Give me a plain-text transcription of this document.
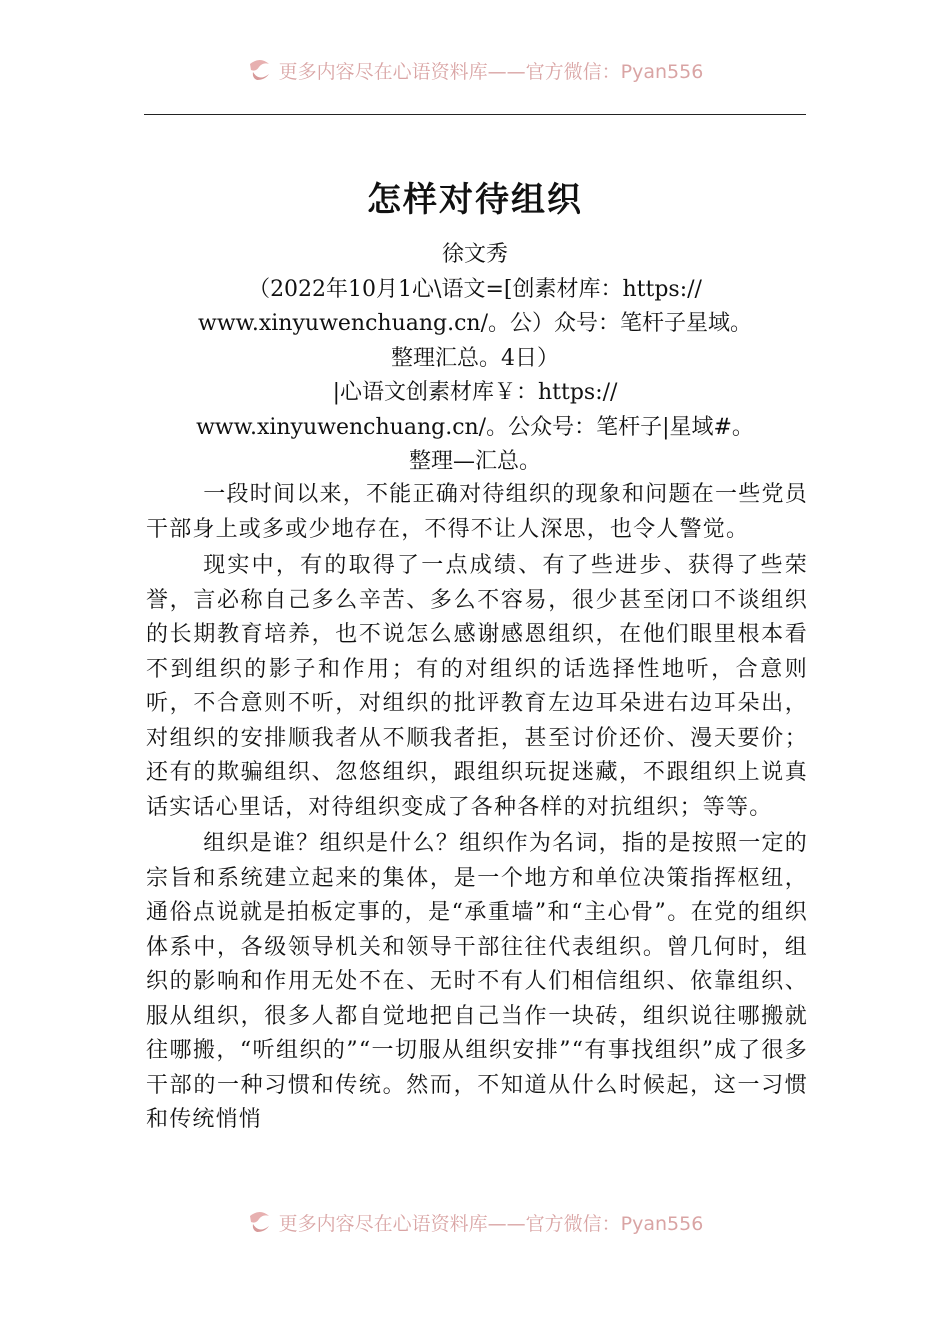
更多内容尽在心语资料库——官方微信：Pyan556
怎样对待组织
徐文秀
（2022年10月1心\语文=[创素材库：https://
www.xinyuwenchuang.cn/。公）众号：笔杆子星域。
整理汇总。4日）
|心语文创素材库￥：https://
www.xinyuwenchuang.cn/。公众号：笔杆子|星域#。
整理—汇总。

一段时间以来，不能正确对待组织的现象和问题在一些党员干部身上或多或少地存在，不得不让人深思，也令人警觉。

现实中，有的取得了一点成绩、有了些进步、获得了些荣誉，言必称自己多么辛苦、多么不容易，很少甚至闭口不谈组织的长期教育培养，也不说怎么感谢感恩组织，在他们眼里根本看不到组织的影子和作用；有的对组织的话选择性地听，合意则听，不合意则不听，对组织的批评教育左边耳朵进右边耳朵出，对组织的安排顺我者从不顺我者拒，甚至讨价还价、漫天要价；还有的欺骗组织、忽悠组织，跟组织玩捉迷藏，不跟组织上说真话实话心里话，对待组织变成了各种各样的对抗组织；等等。

组织是谁？组织是什么？组织作为名词，指的是按照一定的宗旨和系统建立起来的集体，是一个地方和单位决策指挥枢纽，通俗点说就是拍板定事的，是“承重墙”和“主心骨”。在党的组织体系中，各级领导机关和领导干部往往代表组织。曾几何时，组织的影响和作用无处不在、无时不有人们相信组织、依靠组织、服从组织，很多人都自觉地把自己当作一块砖，组织说往哪搬就往哪搬，“听组织的”“一切服从组织安排”“有事找组织”成了很多干部的一种习惯和传统。然而，不知道从什么时候起，这一习惯和传统悄悄

更多内容尽在心语资料库——官方微信：Pyan556
